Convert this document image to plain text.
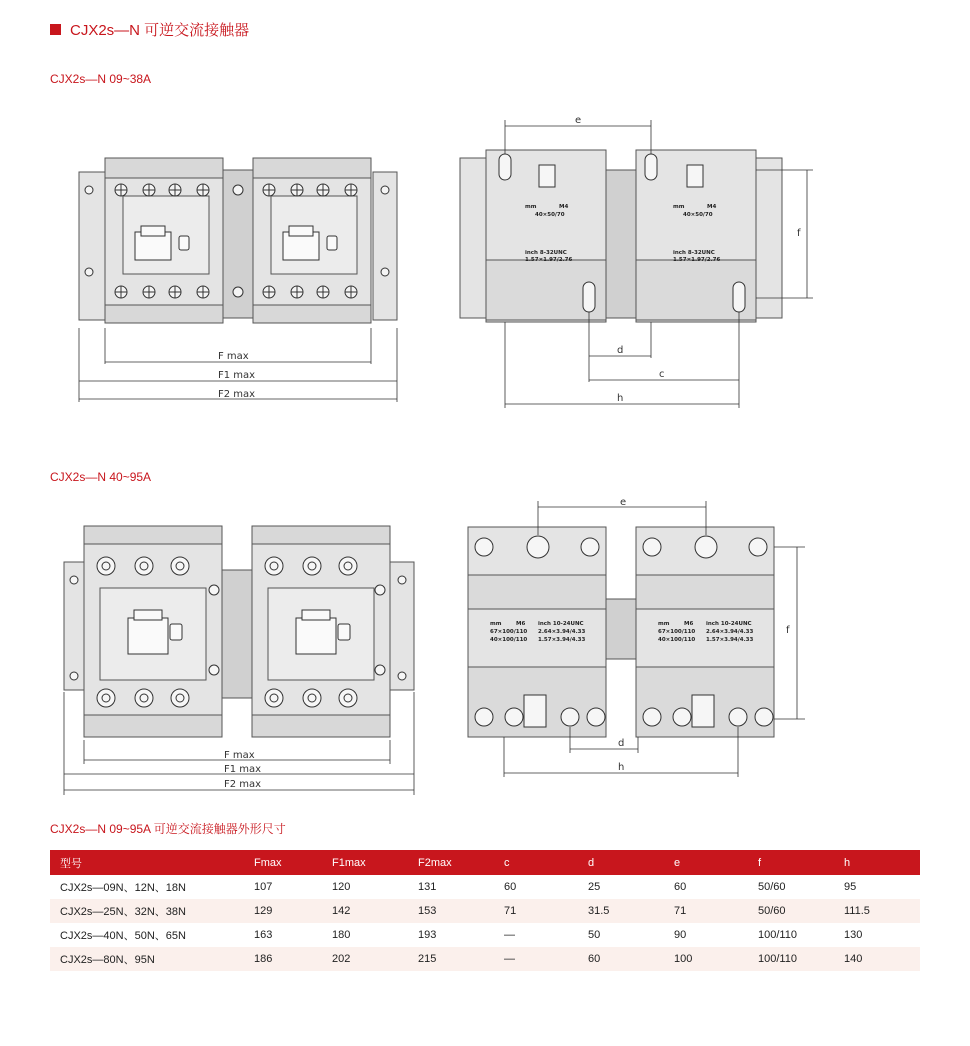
CJX2s—N 可逆交流接触器
CJX2s—N 09~38A
CJX2s—N 40~95A
CJX2s—N 09~95A 可逆交流接触器外形尺寸
F max
F1 max
F2 max
mm	M4
40×50/70
inch 8-32UNC
1.57×1.97/2.76
mm	M4
40×50/70
inch 8-32UNC
1.57×1.97/2.76
e
f
d
c
h
F max
F1 max
F2 max
mm	M6 inch 10-24UNC
67×100/110 2.64×3.94/4.33
40×100/110 1.57×3.94/4.33
mm	M6 inch 10-24UNC
67×100/110 2.64×3.94/4.33
40×100/110 1.57×3.94/4.33
e
f
d
h
型号	Fmax	F1max	F2max	c	d	e	f	h
CJX2s—09N、12N、18N	107	120	131	60	25	60	50/60	95
CJX2s—25N、32N、38N	129	142	153	71	31.5	71	50/60	111.5
CJX2s—40N、50N、65N	163	180	193	—	50	90	100/110	130
CJX2s—80N、95N	186	202	215	—	60	100	100/110	140
